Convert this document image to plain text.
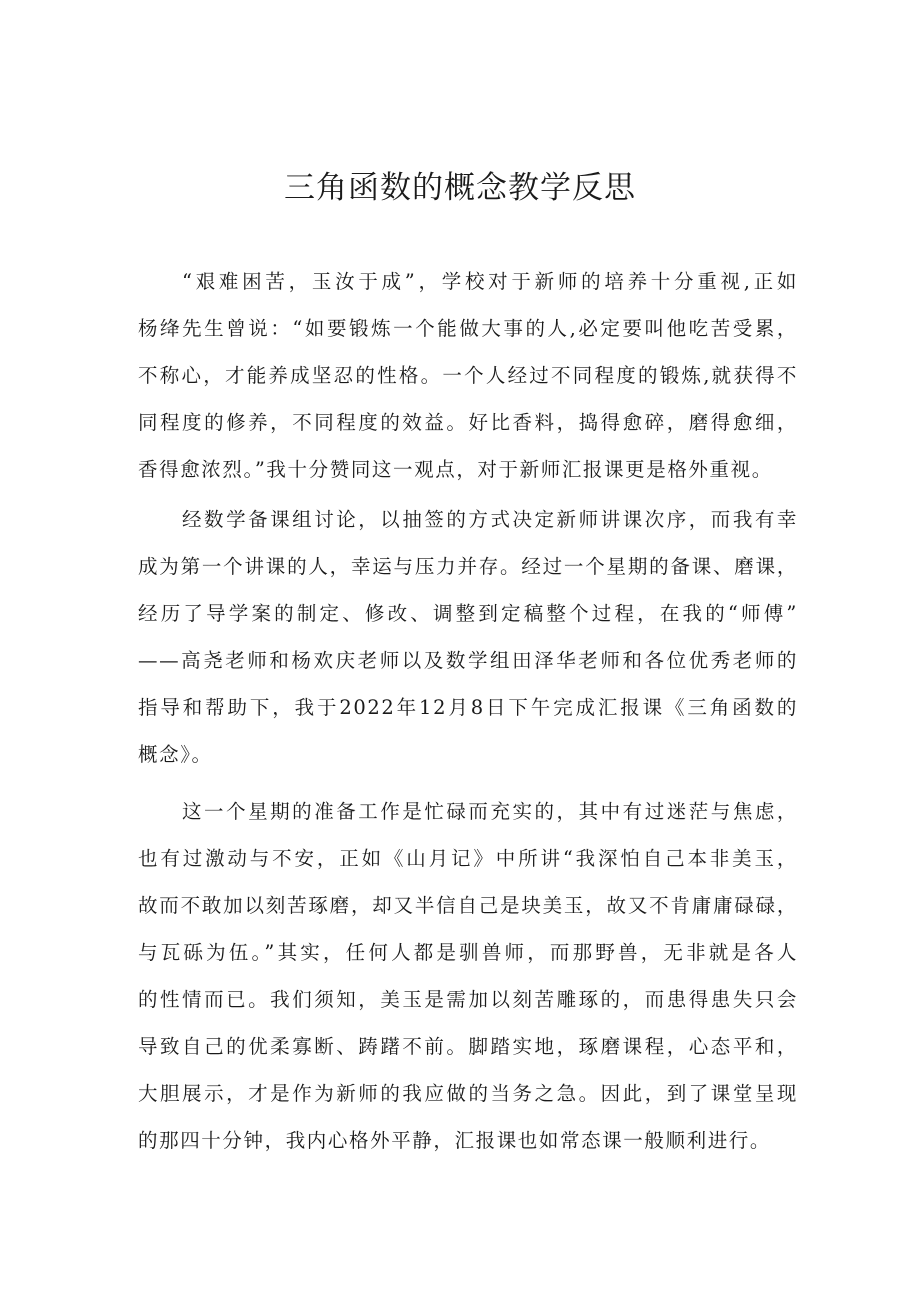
三角函数的概念教学反思

“艰难困苦，玉汝于成”，学校对于新师的培养十分重视,正如

杨绛先生曾说：“如要锻炼一个能做大事的人,必定要叫他吃苦受累，

不称心，才能养成坚忍的性格。一个人经过不同程度的锻炼,就获得不

同程度的修养，不同程度的效益。好比香料，捣得愈碎，磨得愈细，

香得愈浓烈。”我十分赞同这一观点，对于新师汇报课更是格外重视。

经数学备课组讨论，以抽签的方式决定新师讲课次序，而我有幸

成为第一个讲课的人，幸运与压力并存。经过一个星期的备课、磨课，

经历了导学案的制定、修改、调整到定稿整个过程，在我的“师傅”

——高尧老师和杨欢庆老师以及数学组田泽华老师和各位优秀老师的

指导和帮助下，我于2022年12月8日下午完成汇报课《三角函数的

概念》。

这一个星期的准备工作是忙碌而充实的，其中有过迷茫与焦虑，

也有过激动与不安，正如《山月记》中所讲“我深怕自己本非美玉，

故而不敢加以刻苦琢磨，却又半信自己是块美玉，故又不肯庸庸碌碌，

与瓦砾为伍。”其实，任何人都是驯兽师，而那野兽，无非就是各人

的性情而已。我们须知，美玉是需加以刻苦雕琢的，而患得患失只会

导致自己的优柔寡断、踌躇不前。脚踏实地，琢磨课程，心态平和，

大胆展示，才是作为新师的我应做的当务之急。因此，到了课堂呈现

的那四十分钟，我内心格外平静，汇报课也如常态课一般顺利进行。
